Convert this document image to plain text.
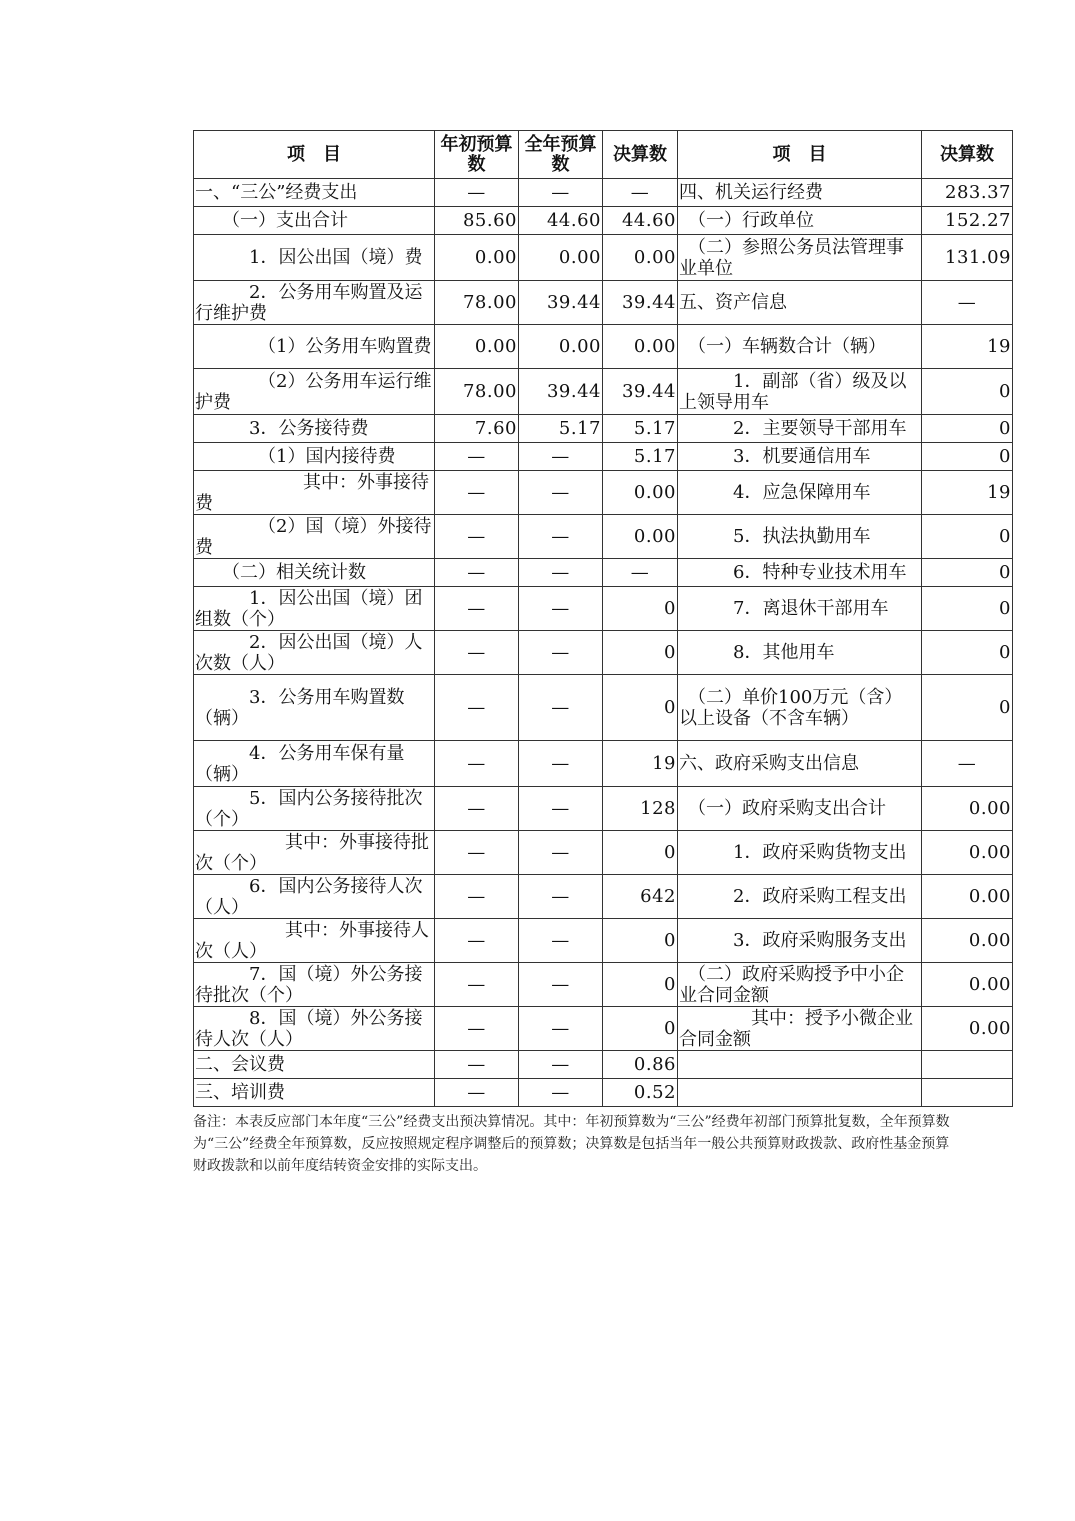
项　目	年初预算数	全年预算数	决算数	项　目	决算数
一、“三公”经费支出	—	—	—	四、机关运行经费	283.37
　　（一）支出合计	85.60	44.60	44.60	　（一）行政单位	152.27
　　　1．因公出国（境）费	0.00	0.00	0.00	　（二）参照公务员法管理事业单位	131.09
　　　2．公务用车购置及运行维护费	78.00	39.44	39.44	五、资产信息	—
　　　　（1）公务用车购置费	0.00	0.00	0.00	　（一）车辆数合计（辆）	19
　　　　（2）公务用车运行维护费	78.00	39.44	39.44	　　　1．副部（省）级及以上领导用车	0
　　　3．公务接待费	7.60	5.17	5.17	　　　2．主要领导干部用车	0
　　　　（1）国内接待费	—	—	5.17	　　　3．机要通信用车	0
　　　　　　其中：外事接待费	—	—	0.00	　　　4．应急保障用车	19
　　　　（2）国（境）外接待费	—	—	0.00	　　　5．执法执勤用车	0
　　（二）相关统计数	—	—	—	　　　6．特种专业技术用车	0
　　　1．因公出国（境）团组数（个）	—	—	0	　　　7．离退休干部用车	0
　　　2．因公出国（境）人次数（人）	—	—	0	　　　8．其他用车	0
　　　3．公务用车购置数（辆）	—	—	0	　（二）单价100万元（含）以上设备（不含车辆）	0
　　　4．公务用车保有量（辆）	—	—	19	六、政府采购支出信息	—
　　　5．国内公务接待批次（个）	—	—	128	　（一）政府采购支出合计	0.00
　　　　　其中：外事接待批次（个）	—	—	0	　　　1．政府采购货物支出	0.00
　　　6．国内公务接待人次（人）	—	—	642	　　　2．政府采购工程支出	0.00
　　　　　其中：外事接待人次（人）	—	—	0	　　　3．政府采购服务支出	0.00
　　　7．国（境）外公务接待批次（个）	—	—	0	　（二）政府采购授予中小企业合同金额	0.00
　　　8．国（境）外公务接待人次（人）	—	—	0	　　　　其中：授予小微企业合同金额	0.00
二、会议费	—	—	0.86		
三、培训费	—	—	0.52		
备注：本表反应部门本年度“三公”经费支出预决算情况。其中：年初预算数为“三公”经费年初部门预算批复数，全年预算数为“三公”经费全年预算数，反应按照规定程序调整后的预算数；决算数是包括当年一般公共预算财政拨款、政府性基金预算财政拨款和以前年度结转资金安排的实际支出。
